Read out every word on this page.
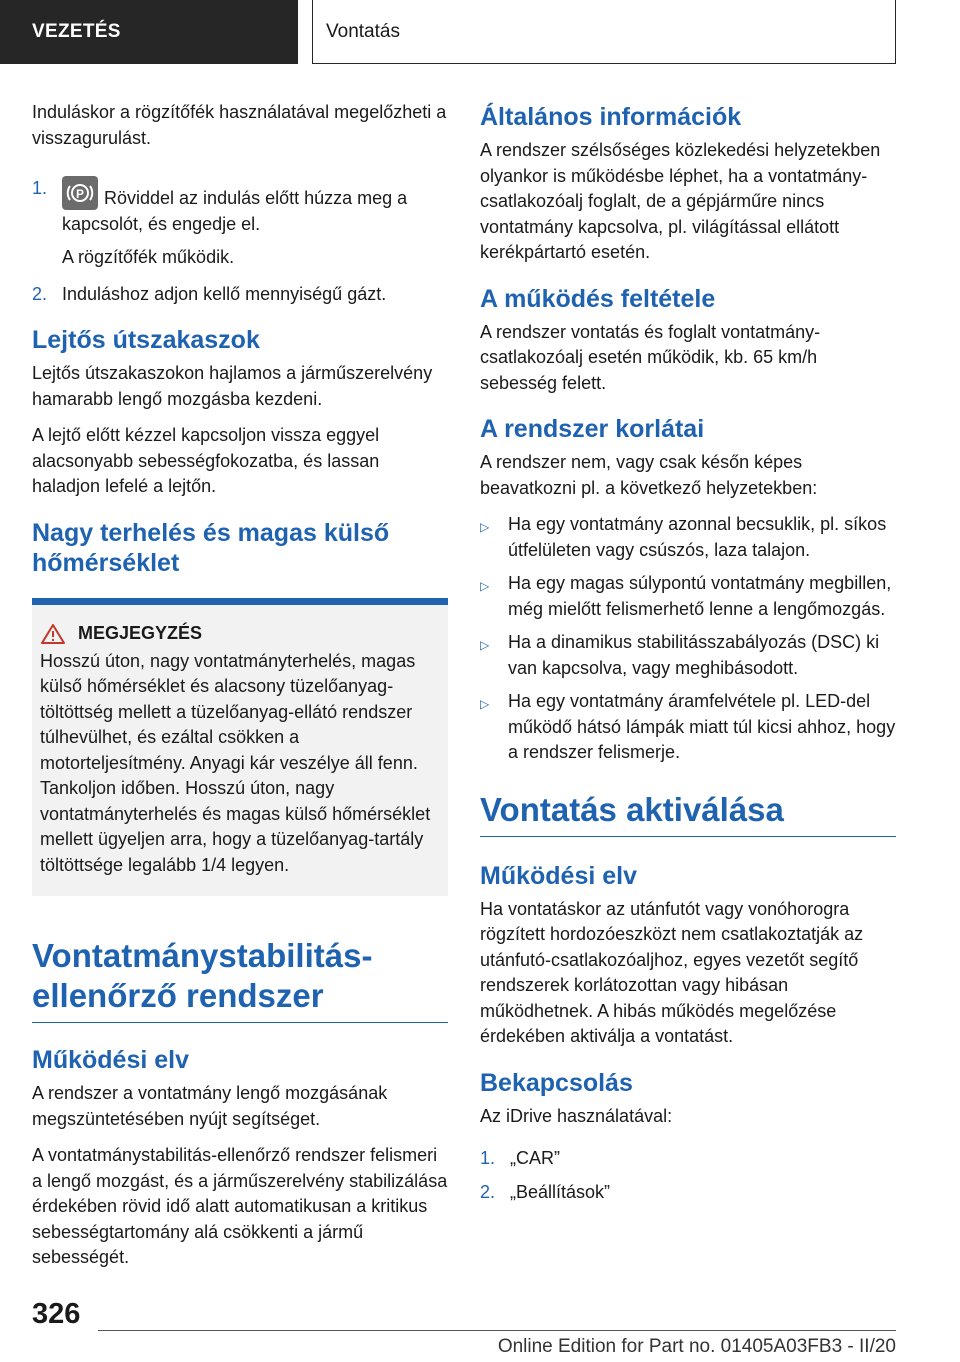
VEZETÉS	Vontatás

Induláskor a rögzítőfék használatával megelőzheti a visszagurulást.

1.	P Röviddel az indulás előtt húzza meg a kapcsolót, és engedje el.

A rögzítőfék működik.

2. Induláshoz adjon kellő mennyiségű gázt.
Lejtős útszakaszok

Lejtős útszakaszokon hajlamos a járműszerelvény hamarabb lengő mozgásba kezdeni.

A lejtő előtt kézzel kapcsoljon vissza eggyel alacsonyabb sebességfokozatba, és lassan haladjon lefelé a lejtőn.

Nagy terhelés és magas külső hőmérséklet
MEGJEGYZÉS

Hosszú úton, nagy vontatmányterhelés, magas külső hőmérséklet és alacsony tüzelőanyag-töltöttség mellett a tüzelőanyag-ellátó rendszer túlhevülhet, és ezáltal csökken a motorteljesítmény. Anyagi kár veszélye áll fenn. Tankoljon időben. Hosszú úton, nagy vontatmányterhelés és magas külső hőmérséklet mellett ügyeljen arra, hogy a tüzelőanyag-tartály töltöttsége legalább 1/4 legyen.

Vontatmánystabilitás-ellenőrző rendszer
Működési elv

A rendszer a vontatmány lengő mozgásának megszüntetésében nyújt segítséget.

A vontatmánystabilitás-ellenőrző rendszer felismeri a lengő mozgást, és a járműszerelvény stabilizálása érdekében rövid idő alatt automatikusan a kritikus sebességtartomány alá csökkenti a jármű sebességét.

Általános információk

A rendszer szélsőséges közlekedési helyzetekben olyankor is működésbe léphet, ha a vontatmány-csatlakozóalj foglalt, de a gépjárműre nincs vontatmány kapcsolva, pl. világítással ellátott kerékpártartó esetén.

A működés feltétele

A rendszer vontatás és foglalt vontatmány-csatlakozóalj esetén működik, kb. 65 km/h sebesség felett.

A rendszer korlátai

A rendszer nem, vagy csak későn képes beavatkozni pl. a következő helyzetekben:

▷	Ha egy vontatmány azonnal becsuklik, pl. síkos útfelületen vagy csúszós, laza talajon.
▷	Ha egy magas súlypontú vontatmány megbillen, még mielőtt felismerhető lenne a lengőmozgás.
▷	Ha a dinamikus stabilitásszabályozás (DSC) ki van kapcsolva, vagy meghibásodott.
▷	Ha egy vontatmány áramfelvétele pl. LED-del működő hátsó lámpák miatt túl kicsi ahhoz, hogy a rendszer felismerje.
Vontatás aktiválása
Működési elv

Ha vontatáskor az utánfutót vagy vonóhorogra rögzített hordozóeszközt nem csatlakoztatják az utánfutó-csatlakozóaljhoz, egyes vezetőt segítő rendszerek korlátozottan vagy hibásan működhetnek. A hibás működés megelőzése érdekében aktiválja a vontatást.

Bekapcsolás

Az iDrive használatával:

1. „CAR”
2. „Beállítások”
326
Online Edition for Part no. 01405A03FB3 - II/20
